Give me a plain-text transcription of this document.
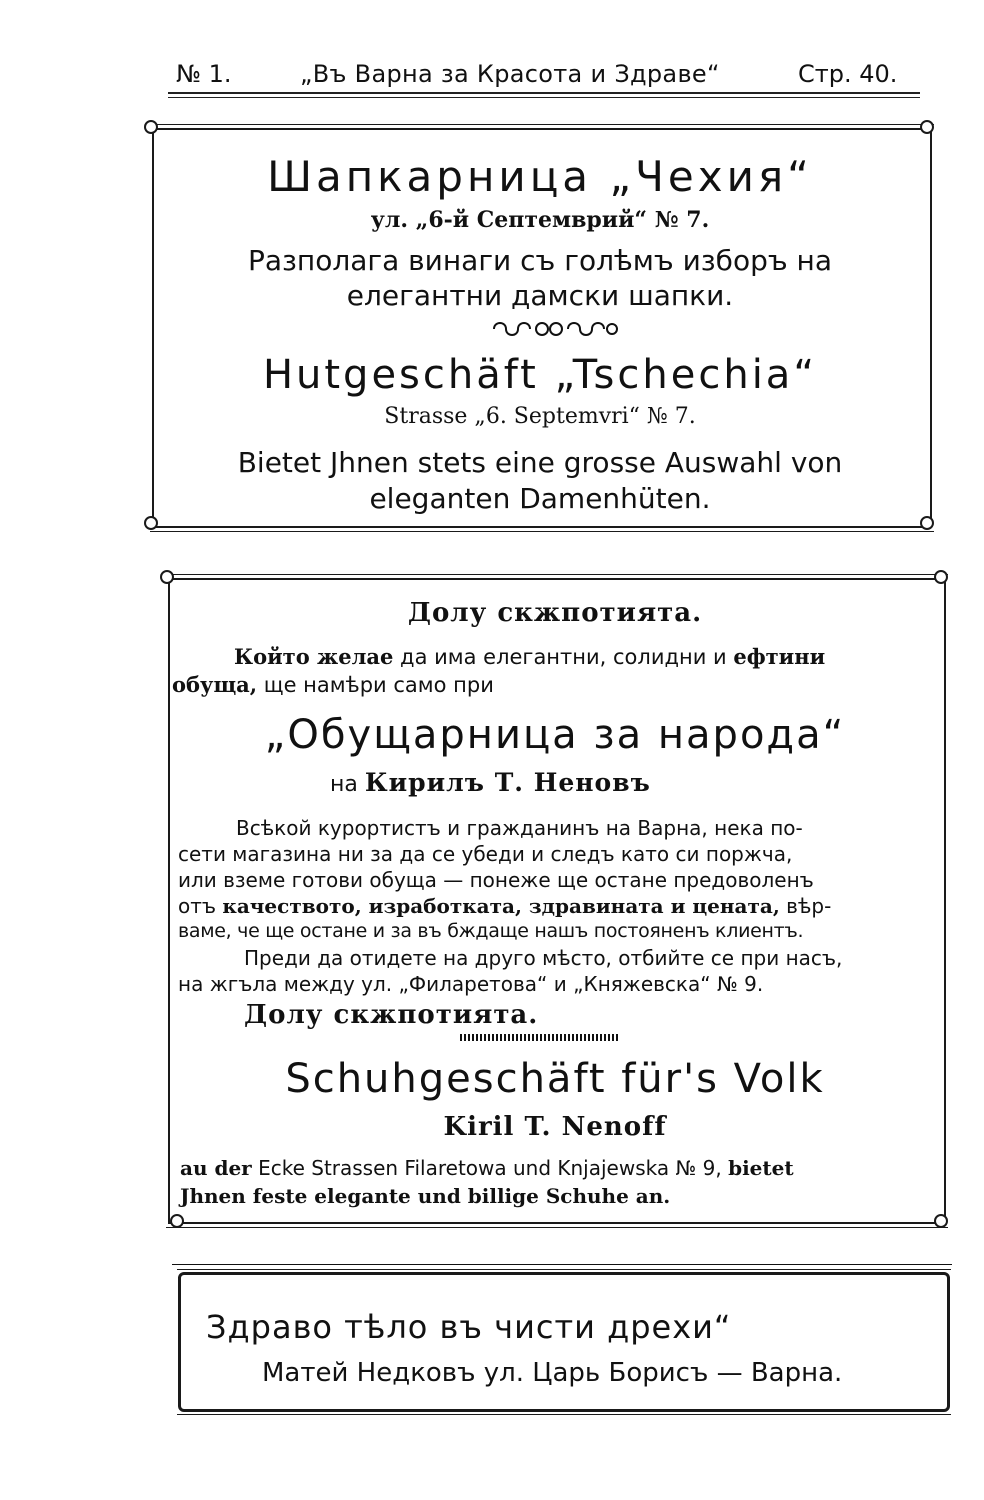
№ 1.	„Въ Варна за Красота и Здраве“	Стр. 40.
Шапкарница „Чехия“
ул. „6-й Септемврий“ № 7.
Разполага винаги съ голѣмъ изборъ на
елегантни дамски шапки.
Hutgeschäft „Tschechia“
Strasse „6. Septemvri“ № 7.
Bietet Jhnen stets eine grosse Auswahl von
eleganten Damenhüten.
Долу скжпотията.
Който желае да има елегантни, солидни и ефтини
обуща, ще намѣри само при
„Обущарница за народа“
на Кирилъ Т. Неновъ
Всѣкой курортистъ и гражданинъ на Варна, нека по-
сети магазина ни за да се убеди и следъ като си поржча,
или вземе готови обуща — понеже ще остане предоволенъ
отъ качеството, изработката, здравината и цената, вѣр-
ваме, че ще остане и за въ бждаще нашъ постояненъ клиентъ.
Преди да отидете на друго мѣсто, отбийте се при насъ,
на жгъла между ул. „Филаретова“ и „Княжевска“ № 9.
Долу скжпотията.
Schuhgeschäft für's Volk
Kiril T. Nenoff
au der Ecke Strassen Filaretowa und Knjajewska № 9, bietet
Jhnen feste elegante und billige Schuhe an.
Здраво тѣло въ чисти дрехи“
Матей Недковъ ул. Царь Борисъ — Варна.
